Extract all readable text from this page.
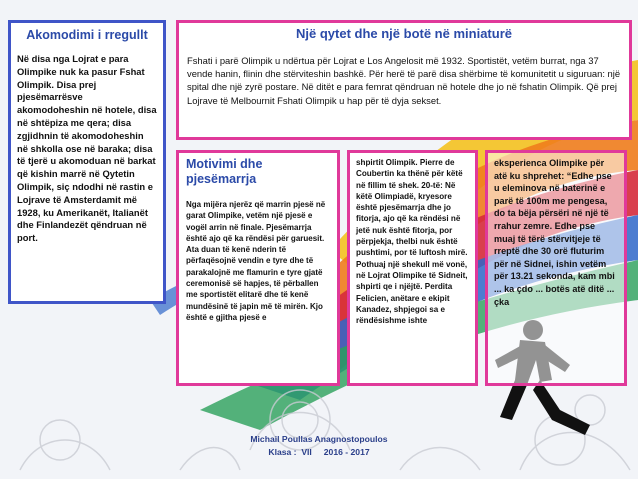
Akomodimi i rregullt
Në disa nga Lojrat e para Olimpike nuk ka pasur Fshat Olimpik. Disa prej pjesëmarrësve akomodoheshin në hotele, disa në shtëpiza me qera; disa zgjidhnin të akomodoheshin në shkolla ose në baraka; disa të tjerë u akomoduan në barkat që kishin marrë në Qytetin Olimpik, siç ndodhi në rastin e Lojrave të Amsterdamit më 1928, ku Amerikanët, Italianët dhe Finlandezët qëndruan në port.
Një qytet dhe një botë në miniaturë
Fshati i parë Olimpik u ndërtua për Lojrat e Los Angelosit më 1932. Sportistët, vetëm burrat, nga 37 vende hanin, flinin dhe stërviteshin bashkë. Për herë të parë disa shërbime të komunitetit u siguruan: një spital dhe një zyrë postare. Në ditët e para femrat qëndruan në hotele dhe jo në fshatin Olimpik. Që prej Lojrave të Melbournit Fshati Olimpik u hap për të dyja sekset.
Motivimi dhe pjesëmarrja
Nga mijëra njerëz që marrin pjesë në garat Olimpike, vetëm një pjesë e vogël arrin në finale. Pjesëmarrja është ajo që ka rëndësi për garuesit. Ata duan të kenë nderin të përfaqësojnë vendin e tyre dhe të parakalojnë me flamurin e tyre gjatë ceremonisë së hapjes, të përballen me sportistët elitarë dhe të kenë mundësinë të japin më të mirën. Kjo është e gjitha pjesë e
shpirtit Olimpik. Pierre de Coubertin ka thënë për këtë në fillim të shek. 20-të: Në këtë Olimpiadë, kryesore është pjesëmarrja dhe jo fitorja, ajo që ka rëndësi në jetë nuk është fitorja, por përpjekja, thelbi nuk është pushtimi, por të luftosh mirë. Pothuaj një shekull më vonë, në Lojrat Olimpike të Sidneit, shpirti qe i njëjtë. Perdita Felicien, anëtare e ekipit Kanadez, shpjegoi sa e rëndësishme ishte
eksperienca Olimpike për atë ku shprehet: “Edhe pse u eleminova në baterinë e parë të 100m me pengesa, do ta bëja përsëri në një të rrahur zemre. Edhe pse muaj të tërë stërvitjeje të rreptë dhe 30 orë fluturim për në Sidnei, ishin vetëm për 13.21 sekonda, kam mbi ... ka çdo ... botës atë ditë ... çka
Michail Poullas Anagnostopoulos
Klasa :  VII     2016 - 2017
